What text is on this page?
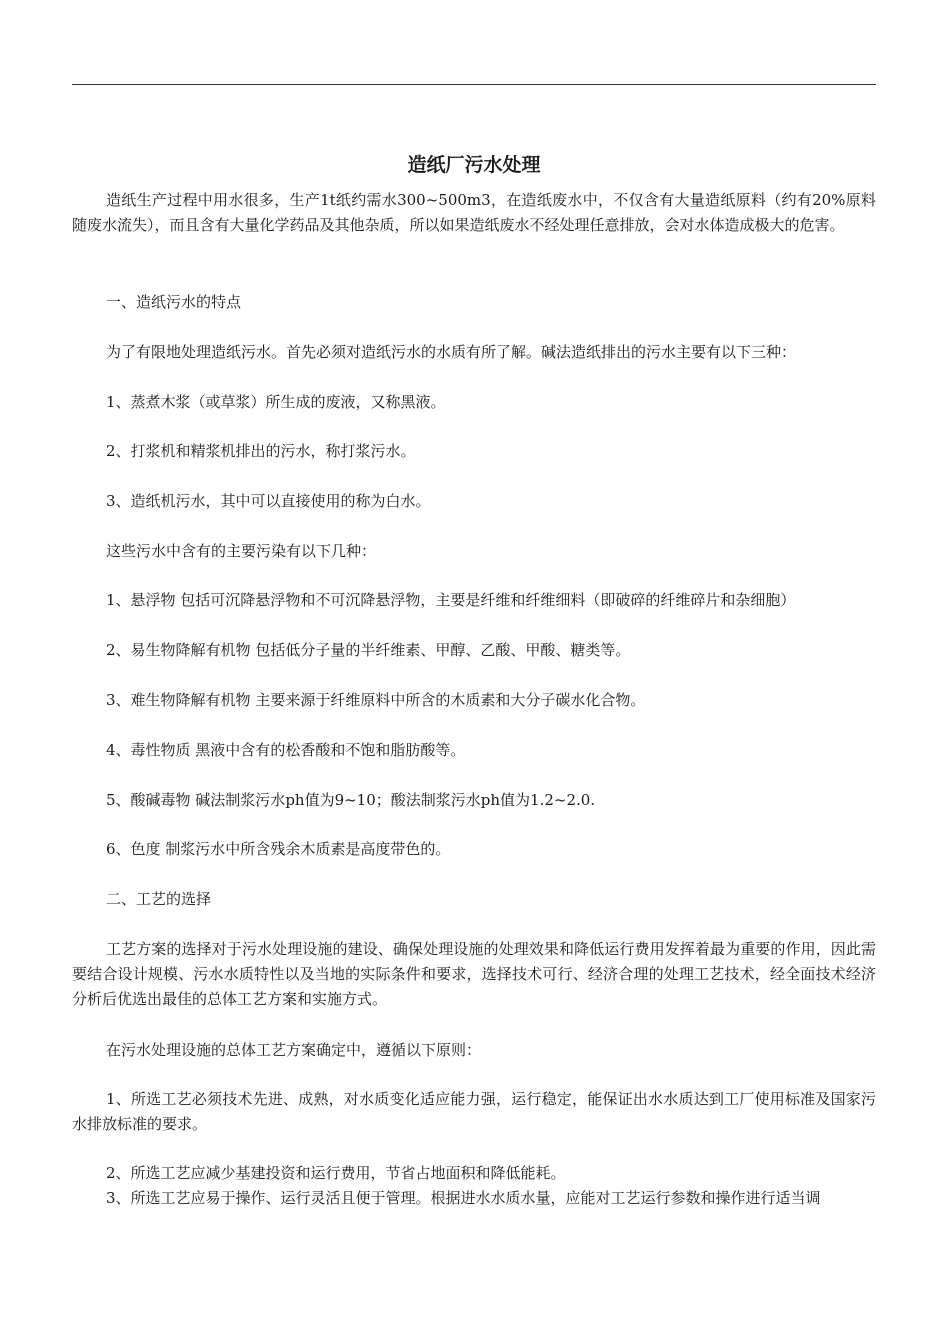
造纸厂污水处理

造纸生产过程中用水很多，生产1t纸约需水300~500m3，在造纸废水中，不仅含有大量造纸原料（约有20%原料随废水流失），而且含有大量化学药品及其他杂质，所以如果造纸废水不经处理任意排放，会对水体造成极大的危害。

一、造纸污水的特点

为了有限地处理造纸污水。首先必须对造纸污水的水质有所了解。碱法造纸排出的污水主要有以下三种：

1、蒸煮木浆（或草浆）所生成的废液，又称黑液。

2、打浆机和精浆机排出的污水，称打浆污水。

3、造纸机污水，其中可以直接使用的称为白水。

这些污水中含有的主要污染有以下几种：

1、悬浮物 包括可沉降悬浮物和不可沉降悬浮物，主要是纤维和纤维细料（即破碎的纤维碎片和杂细胞）

2、易生物降解有机物 包括低分子量的半纤维素、甲醇、乙酸、甲酸、糖类等。

3、难生物降解有机物 主要来源于纤维原料中所含的木质素和大分子碳水化合物。

4、毒性物质 黑液中含有的松香酸和不饱和脂肪酸等。

5、酸碱毒物 碱法制浆污水ph值为9~10；酸法制浆污水ph值为1.2~2.0.

6、色度 制浆污水中所含残余木质素是高度带色的。

二、工艺的选择

工艺方案的选择对于污水处理设施的建设、确保处理设施的处理效果和降低运行费用发挥着最为重要的作用，因此需要结合设计规模、污水水质特性以及当地的实际条件和要求，选择技术可行、经济合理的处理工艺技术，经全面技术经济分析后优选出最佳的总体工艺方案和实施方式。

在污水处理设施的总体工艺方案确定中，遵循以下原则：

1、所选工艺必须技术先进、成熟，对水质变化适应能力强，运行稳定，能保证出水水质达到工厂使用标准及国家污水排放标准的要求。

2、所选工艺应减少基建投资和运行费用，节省占地面积和降低能耗。

3、所选工艺应易于操作、运行灵活且便于管理。根据进水水质水量，应能对工艺运行参数和操作进行适当调
